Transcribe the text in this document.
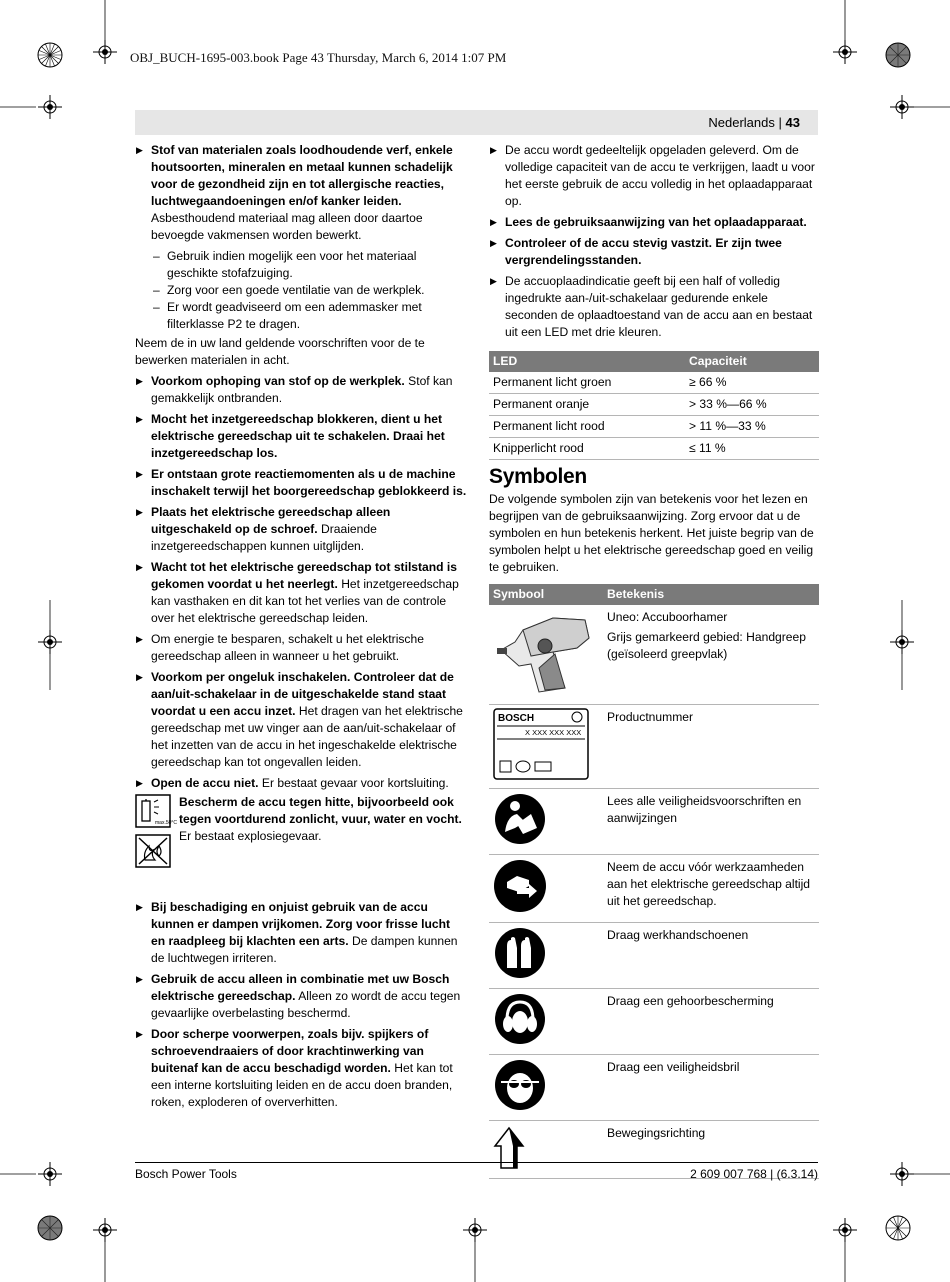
OBJ_BUCH-1695-003.book Page 43 Thursday, March 6, 2014 1:07 PM
Nederlands | 43
▶ Stof van materialen zoals loodhoudende verf, enkele houtsoorten, mineralen en metaal kunnen schadelijk voor de gezondheid zijn en tot allergische reacties, luchtwegaandoeningen en/of kanker leiden. Asbesthoudend materiaal mag alleen door daartoe bevoegde vakmensen worden bewerkt.
– Gebruik indien mogelijk een voor het materiaal geschikte stofafzuiging.
– Zorg voor een goede ventilatie van de werkplek.
– Er wordt geadviseerd om een ademmasker met filterklasse P2 te dragen.
Neem de in uw land geldende voorschriften voor de te bewerken materialen in acht.
▶ Voorkom ophoping van stof op de werkplek. Stof kan gemakkelijk ontbranden.
▶ Mocht het inzetgereedschap blokkeren, dient u het elektrische gereedschap uit te schakelen. Draai het inzetgereedschap los.
▶ Er ontstaan grote reactiemomenten als u de machine inschakelt terwijl het boorgereedschap geblokkeerd is.
▶ Plaats het elektrische gereedschap alleen uitgeschakeld op de schroef. Draaiende inzetgereedschappen kunnen uitglijden.
▶ Wacht tot het elektrische gereedschap tot stilstand is gekomen voordat u het neerlegt. Het inzetgereedschap kan vasthaken en dit kan tot het verlies van de controle over het elektrische gereedschap leiden.
▶ Om energie te besparen, schakelt u het elektrische gereedschap alleen in wanneer u het gebruikt.
▶ Voorkom per ongeluk inschakelen. Controleer dat de aan/uit-schakelaar in de uitgeschakelde stand staat voordat u een accu inzet. Het dragen van het elektrische gereedschap met uw vinger aan de aan/uit-schakelaar of het inzetten van de accu in het ingeschakelde elektrische gereedschap kan tot ongevallen leiden.
▶ Open de accu niet. Er bestaat gevaar voor kortsluiting.
max.50°C

Bescherm de accu tegen hitte, bijvoorbeeld ook tegen voortdurend zonlicht, vuur, water en vocht. Er bestaat explosiegevaar.
▶ Bij beschadiging en onjuist gebruik van de accu kunnen er dampen vrijkomen. Zorg voor frisse lucht en raadpleeg bij klachten een arts. De dampen kunnen de luchtwegen irriteren.
▶ Gebruik de accu alleen in combinatie met uw Bosch elektrische gereedschap. Alleen zo wordt de accu tegen gevaarlijke overbelasting beschermd.
▶ Door scherpe voorwerpen, zoals bijv. spijkers of schroevendraaiers of door krachtinwerking van buitenaf kan de accu beschadigd worden. Het kan tot een interne kortsluiting leiden en de accu doen branden, roken, exploderen of oververhitten.
▶ De accu wordt gedeeltelijk opgeladen geleverd. Om de volledige capaciteit van de accu te verkrijgen, laadt u voor het eerste gebruik de accu volledig in het oplaadapparaat op.
▶ Lees de gebruiksaanwijzing van het oplaadapparaat.
▶ Controleer of de accu stevig vastzit. Er zijn twee vergrendelingsstanden.
▶ De accuoplaadindicatie geeft bij een half of volledig ingedrukte aan-/uit-schakelaar gedurende enkele seconden de oplaadtoestand van de accu aan en bestaat uit een LED met drie kleuren.
LED	Capaciteit
Permanent licht groen	≥ 66 %
Permanent oranje	> 33 %—66 %
Permanent licht rood	> 11 %—33 %
Knipperlicht rood	≤ 11 %
Symbolen
De volgende symbolen zijn van betekenis voor het lezen en begrijpen van de gebruiksaanwijzing. Zorg ervoor dat u de symbolen en hun betekenis herkent. Het juiste begrip van de symbolen helpt u het elektrische gereedschap goed en veilig te gebruiken.
Symbool	Betekenis

Uneo: Accuboorhamer
Grijs gemarkeerd gebied: Handgreep (geïsoleerd greepvlak)

BOSCH
X XXX XXX XXX	Productnummer

Lees alle veiligheidsvoorschriften en aanwijzingen

Neem de accu vóór werkzaamheden aan het elektrische gereedschap altijd uit het gereedschap.

Draag werkhandschoenen

Draag een gehoorbescherming

Draag een veiligheidsbril

Bewegingsrichting
Bosch Power Tools	2 609 007 768 | (6.3.14)
